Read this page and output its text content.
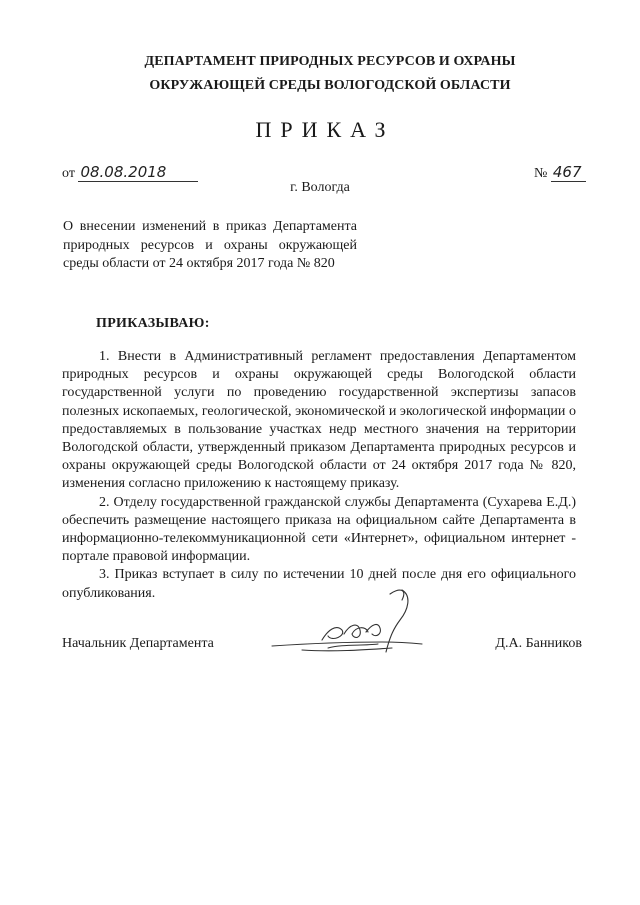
ДЕПАРТАМЕНТ ПРИРОДНЫХ РЕСУРСОВ И ОХРАНЫ
ОКРУЖАЮЩЕЙ СРЕДЫ ВОЛОГОДСКОЙ ОБЛАСТИ
ПРИКАЗ
от 08.08.2018	№ 467
г. Вологда
О внесении изменений в приказ Департамента природных ресурсов и охраны окружающей среды области от 24 октября 2017 года № 820
ПРИКАЗЫВАЮ:

1. Внести в Административный регламент предоставления Департаментом природных ресурсов и охраны окружающей среды Вологодской области государственной услуги по проведению государственной экспертизы запасов полезных ископаемых, геологической, экономической и экологической информации о предоставляемых в пользование участках недр местного значения на территории Вологодской области, утвержденный приказом Департамента природных ресурсов и охраны окружающей среды Вологодской области от 24 октября 2017 года № 820, изменения согласно приложению к настоящему приказу.

2. Отделу государственной гражданской службы Департамента (Сухарева Е.Д.) обеспечить размещение настоящего приказа на официальном сайте Департамента в информационно-телекоммуникационной сети «Интернет», официальном интернет - портале правовой информации.

3. Приказ вступает в силу по истечении 10 дней после дня его официального опубликования.

Начальник Департамента	Д.А. Банников
